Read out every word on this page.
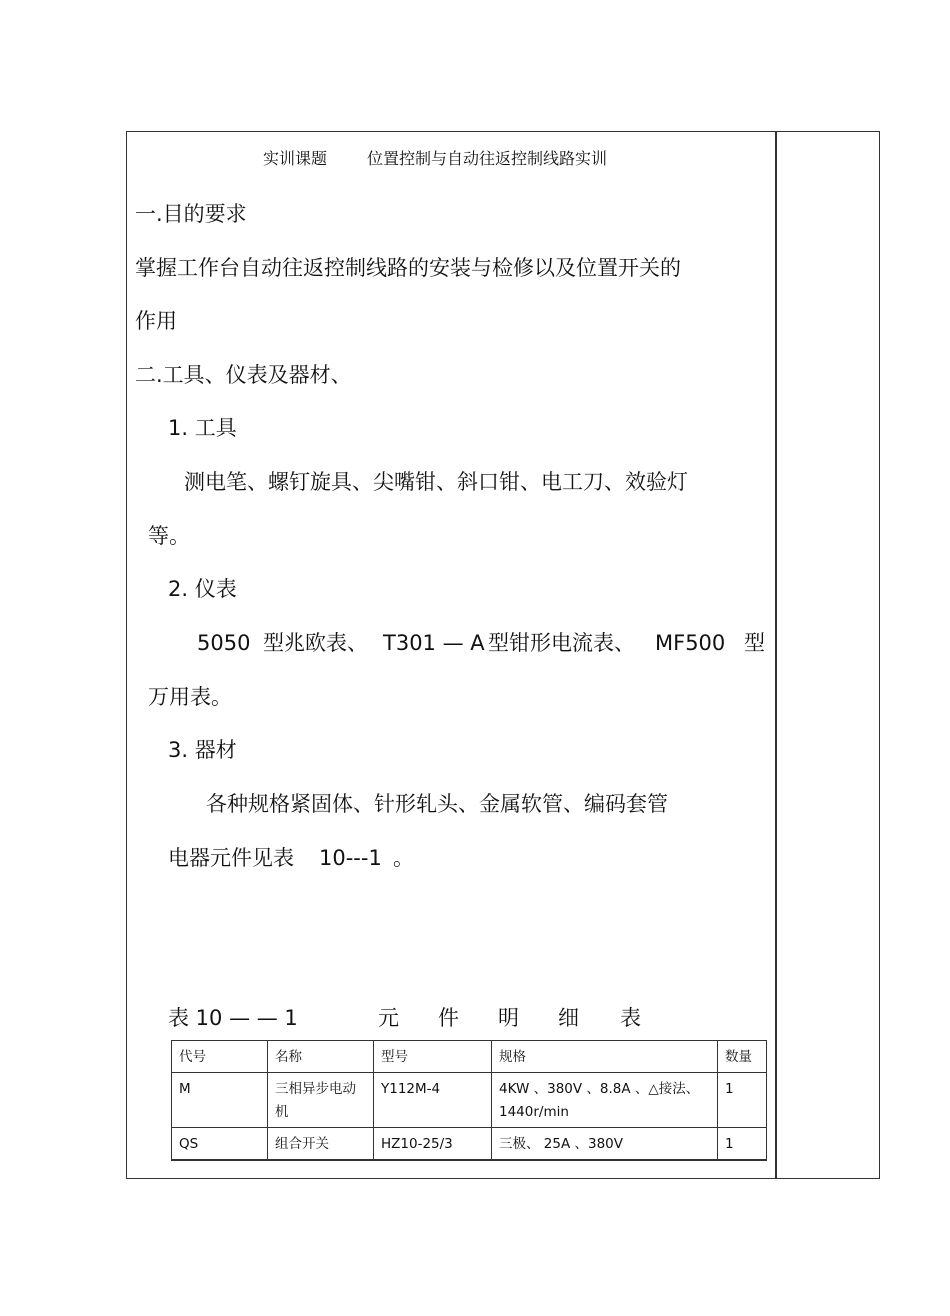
实训课题 位置控制与自动往返控制线路实训
一.目的要求
掌握工作台自动往返控制线路的安装与检修以及位置开关的
作用
二.工具、仪表及器材、
1. 工具
测电笔、螺钉旋具、尖嘴钳、斜口钳、电工刀、效验灯
等。
2. 仪表
5050 型兆欧表、 T301 — A 型钳形电流表、 MF500 型
万用表。
3. 器材
各种规格紧固体、针形轧头、金属软管、编码套管
电器元件见表 10---1 。
表 10 — — 1	元 件 明 细 表
代号	名称	型号	规格	数量
M	三相异步电动机	Y112M-4	4KW 、380V 、8.8A 、△接法、 1440r/min	1
QS	组合开关	HZ10-25/3	三极、 25A 、380V	1
